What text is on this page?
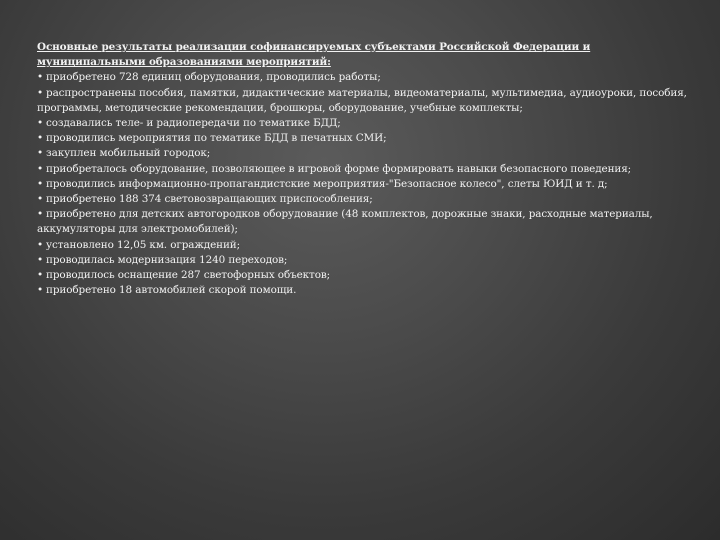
Основные результаты реализации софинансируемых субъектами Российской Федерации и муниципальными образованиями мероприятий:

• приобретено 728 единиц оборудования, проводились работы;
• распространены пособия, памятки, дидактические материалы, видеоматериалы, мультимедиа, аудиоуроки, пособия, программы, методические рекомендации, брошюры, оборудование, учебные комплекты;
• создавались теле- и радиопередачи по тематике БДД;
• проводились мероприятия по тематике БДД в печатных СМИ;
• закуплен мобильный городок;
• приобреталось оборудование, позволяющее в игровой форме формировать навыки безопасного поведения;
• проводились информационно-пропагандистские мероприятия-"Безопасное колесо", слеты ЮИД и т. д;
• приобретено 188 374 световозвращающих приспособления;
• приобретено для детских автогородков оборудование (48 комплектов, дорожные знаки, расходные материалы, аккумуляторы для электромобилей);
• установлено 12,05 км. ограждений;
• проводилась модернизация 1240 переходов;
• проводилось оснащение 287 светофорных объектов;
• приобретено 18 автомобилей скорой помощи.
